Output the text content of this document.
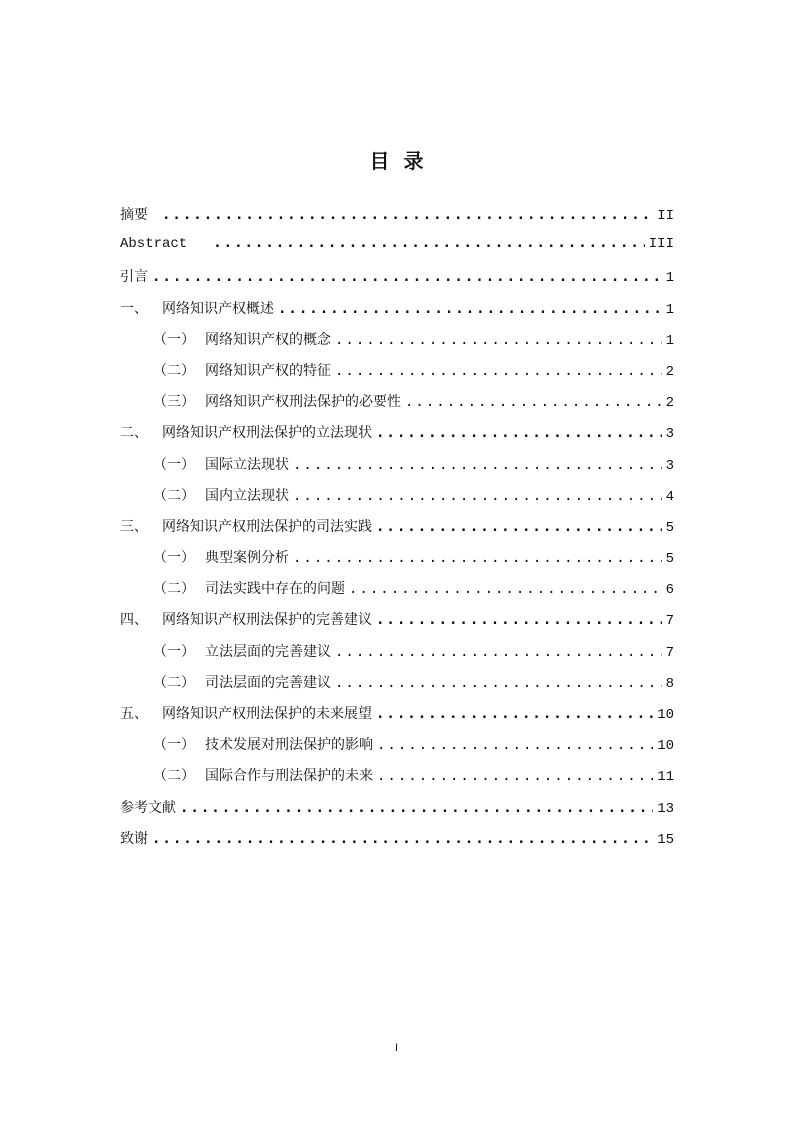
目录
摘要 .....	II
Abstract .....	III
引言 .....	1
一、 网络知识产权概述 .....	1
（一） 网络知识产权的概念 .....	1
（二） 网络知识产权的特征 .....	2
（三） 网络知识产权刑法保护的必要性 .....	2
二、 网络知识产权刑法保护的立法现状 .....	3
（一） 国际立法现状 .....	3
（二） 国内立法现状 .....	4
三、 网络知识产权刑法保护的司法实践 .....	5
（一） 典型案例分析 .....	5
（二） 司法实践中存在的问题 .....	6
四、 网络知识产权刑法保护的完善建议 .....	7
（一） 立法层面的完善建议 .....	7
（二） 司法层面的完善建议 .....	8
五、 网络知识产权刑法保护的未来展望 .....	10
（一） 技术发展对刑法保护的影响 .....	10
（二） 国际合作与刑法保护的未来 .....	11
参考文献 .....	13
致谢 .....	15
I
